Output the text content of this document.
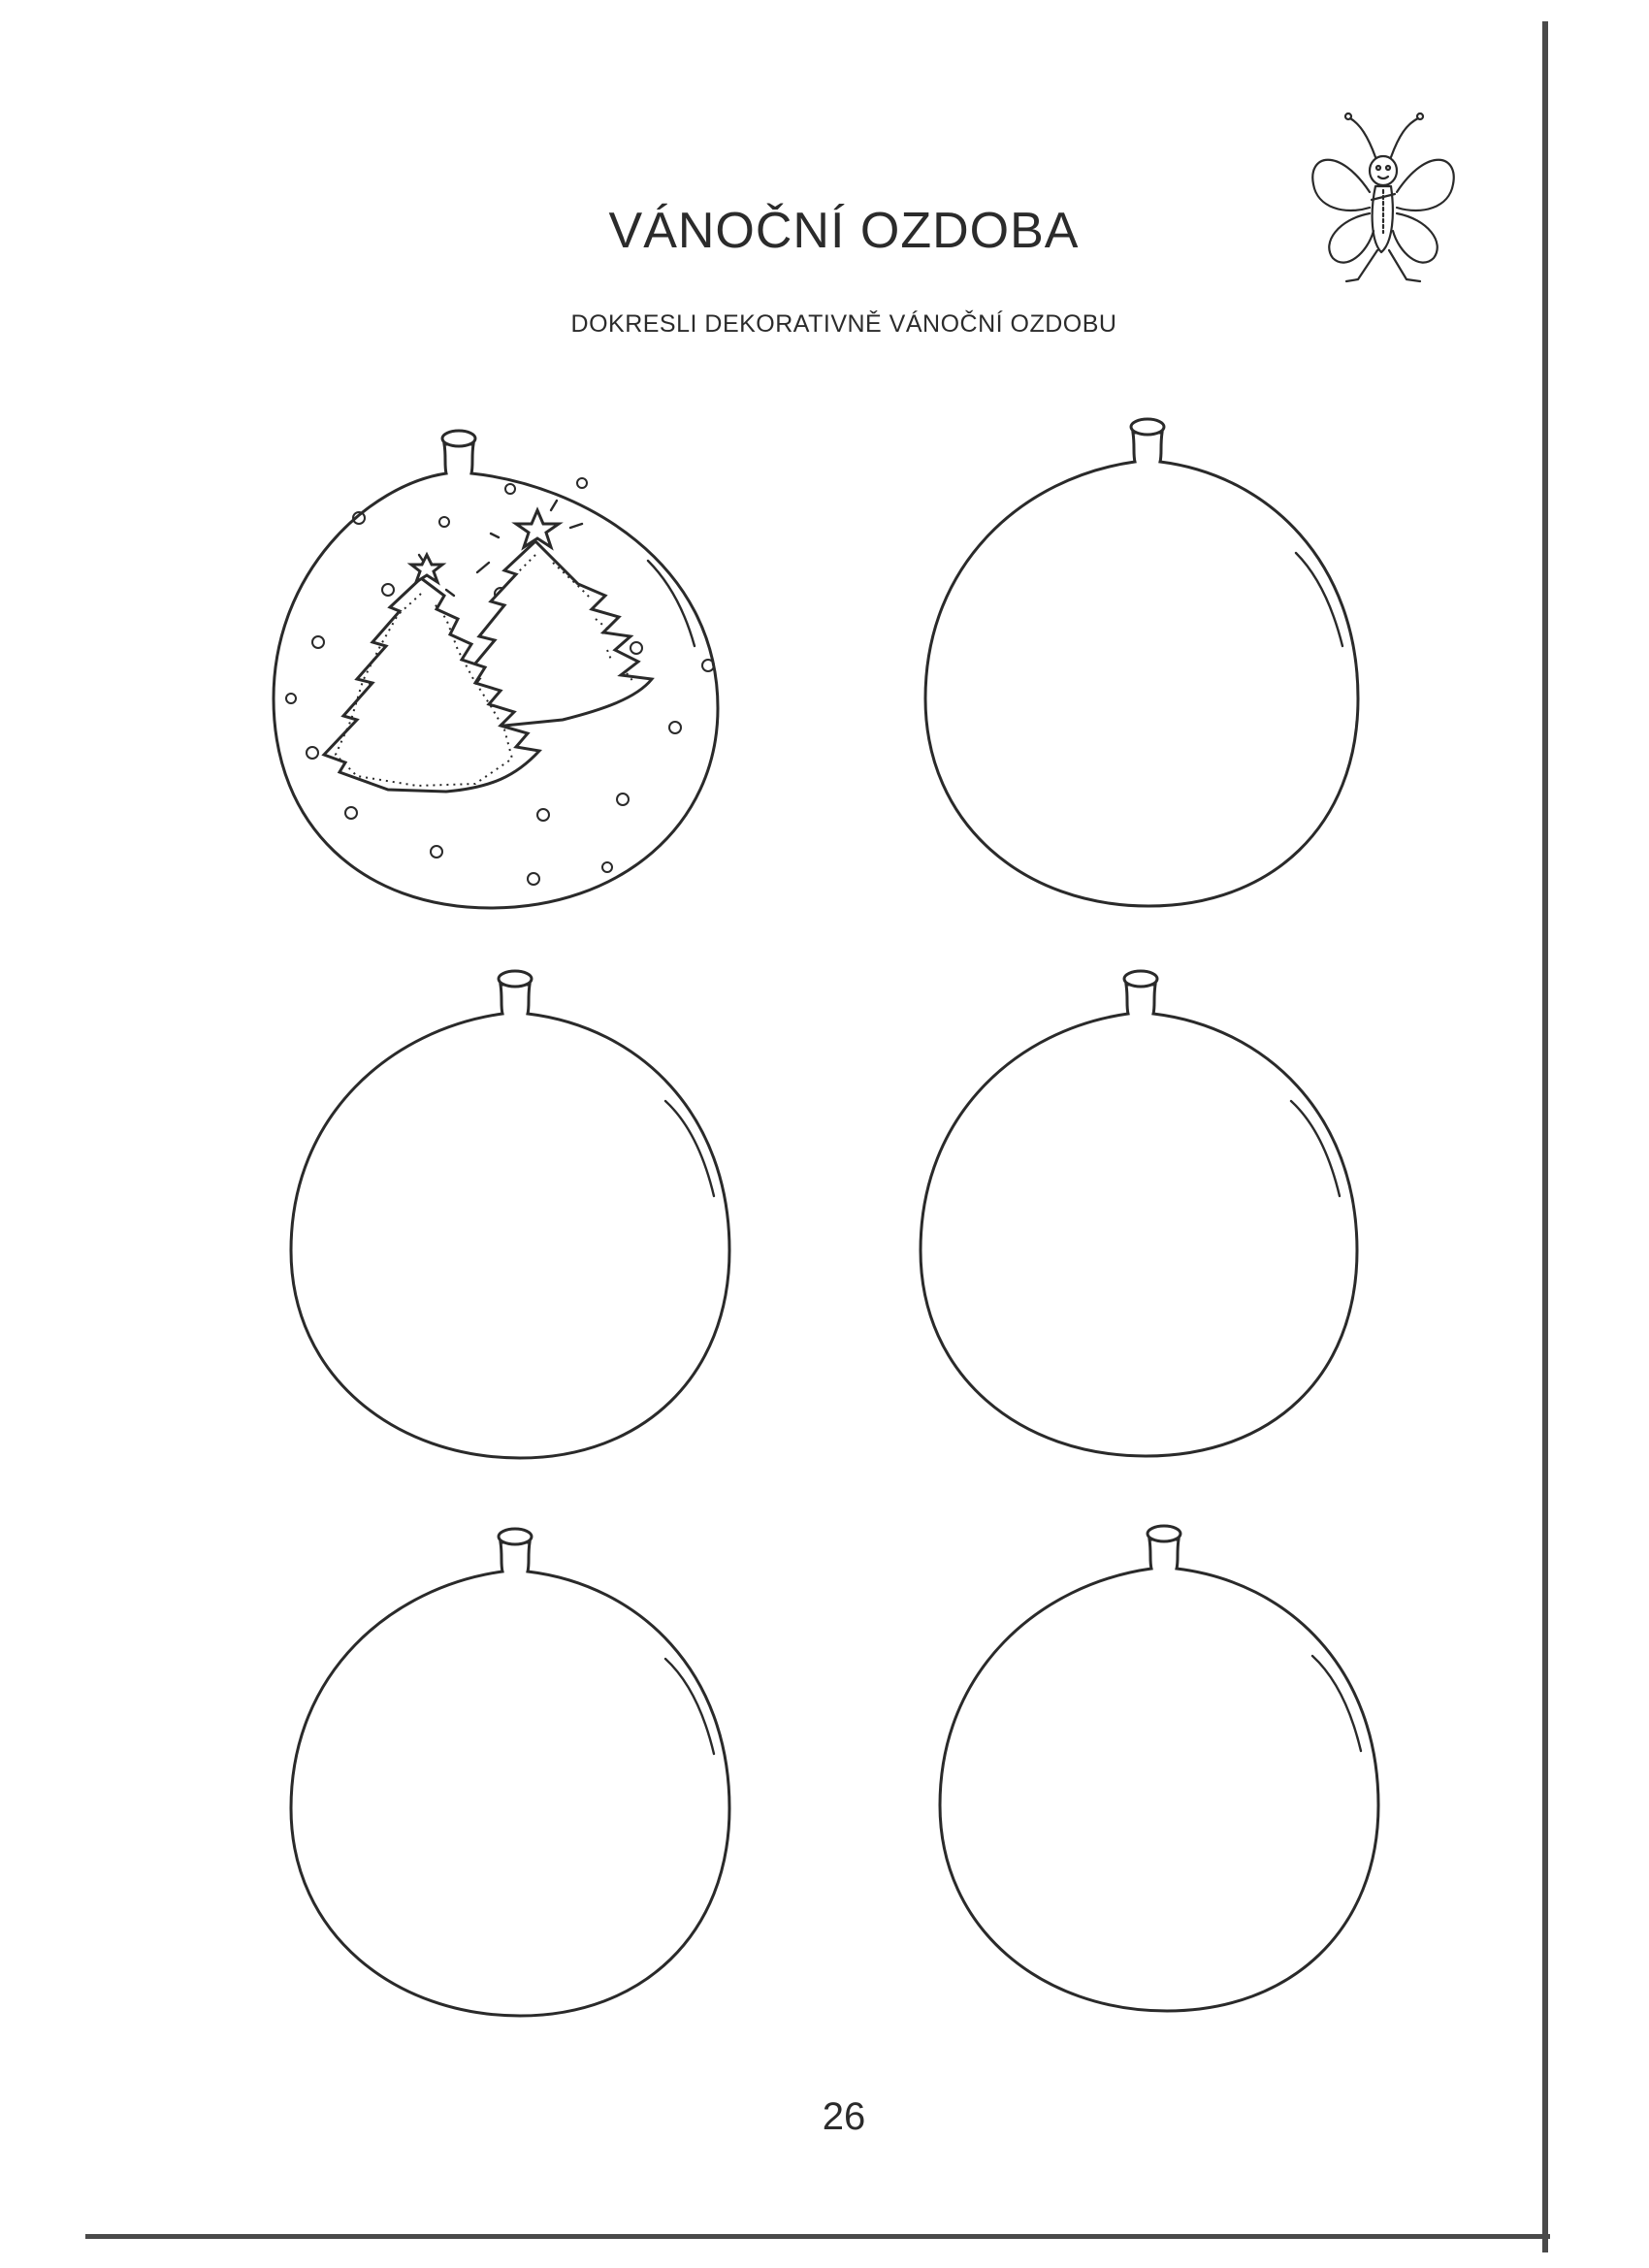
VÁNOČNÍ OZDOBA
DOKRESLI DEKORATIVNĚ VÁNOČNÍ OZDOBU
26
